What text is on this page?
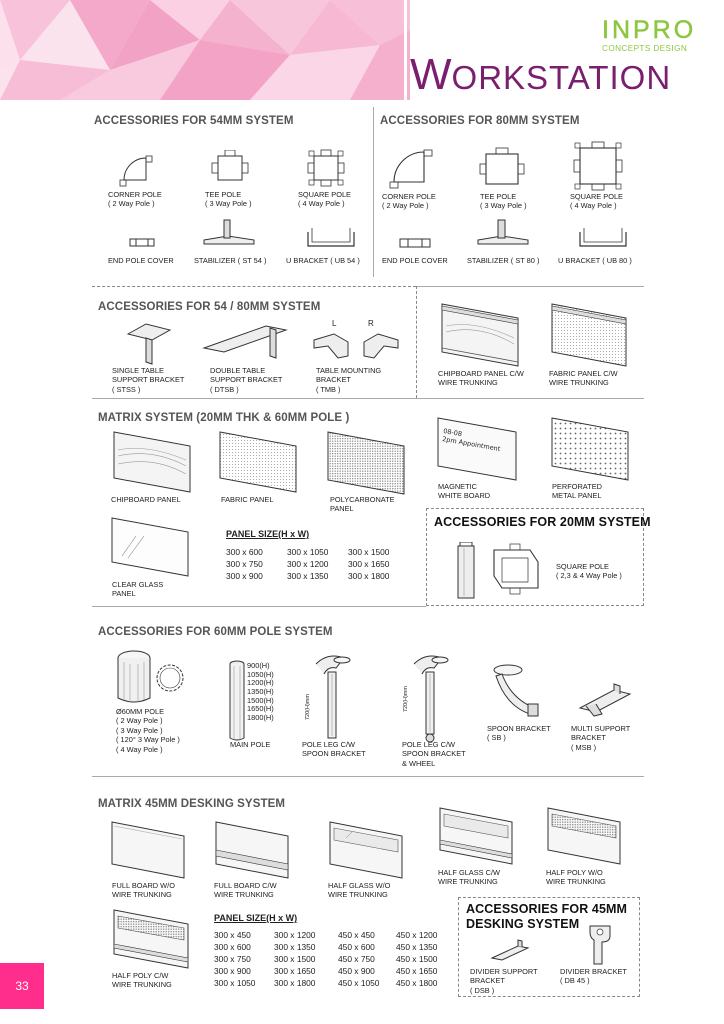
INPRO
CONCEPTS DESIGN
WORKSTATION
ACCESSORIES FOR 54MM SYSTEM	ACCESSORIES FOR 80MM SYSTEM
CORNER POLE
( 2 Way Pole )
TEE POLE
( 3 Way Pole )
SQUARE POLE
( 4 Way Pole )
END POLE COVER	STABILIZER ( ST 54 )	U BRACKET ( UB 54 )
CORNER POLE
( 2 Way Pole )
TEE POLE
( 3 Way Pole )
SQUARE POLE
( 4 Way Pole )
END POLE COVER	STABILIZER ( ST 80 )	U BRACKET ( UB 80 )
ACCESSORIES FOR 54 / 80MM SYSTEM
L	R
SINGLE TABLE
SUPPORT BRACKET
( STSS )
DOUBLE TABLE
SUPPORT BRACKET
( DTSB )
TABLE MOUNTING
BRACKET
( TMB )
CHIPBOARD PANEL C/W
WIRE TRUNKING
FABRIC PANEL C/W
WIRE TRUNKING
MATRIX SYSTEM (20MM THK & 60MM POLE )
08-08
2pm Appointment
CHIPBOARD PANEL	FABRIC PANEL	POLYCARBONATE
PANEL
MAGNETIC
WHITE BOARD
PERFORATED
METAL PANEL
CLEAR GLASS
PANEL
PANEL SIZE(H x W)
300 x 600	300 x 1050	300 x 1500
300 x 750	300 x 1200	300 x 1650
300 x 900	300 x 1350	300 x 1800
ACCESSORIES FOR 20MM SYSTEM
SQUARE POLE
( 2,3 & 4 Way Pole )
ACCESSORIES FOR 60MM POLE SYSTEM
Ø60MM POLE
( 2 Way Pole )
( 3 Way Pole )
( 120° 3 Way Pole )
( 4 Way Pole )
900(H)
1050(H)
1200(H)
1350(H)
1500(H)
1650(H)
1800(H)
MAIN POLE
720(H)mm
POLE LEG C/W
SPOON BRACKET
720(H)mm
POLE LEG C/W
SPOON BRACKET
& WHEEL
SPOON BRACKET
( SB )
MULTI SUPPORT
BRACKET
( MSB )
MATRIX 45MM DESKING SYSTEM
FULL BOARD W/O
WIRE TRUNKING
FULL BOARD C/W
WIRE TRUNKING
HALF GLASS W/O
WIRE TRUNKING
HALF GLASS C/W
WIRE TRUNKING
HALF POLY W/O
WIRE TRUNKING
HALF POLY C/W
WIRE TRUNKING
PANEL SIZE(H x W)
300 x 450	300 x 1200	450 x 450	450 x 1200
300 x 600	300 x 1350	450 x 600	450 x 1350
300 x 750	300 x 1500	450 x 750	450 x 1500
300 x 900	300 x 1650	450 x 900	450 x 1650
300 x 1050	300 x 1800	450 x 1050	450 x 1800
ACCESSORIES FOR 45MM
DESKING SYSTEM
DIVIDER SUPPORT
BRACKET
( DSB )
DIVIDER BRACKET
( DB 45 )
33
